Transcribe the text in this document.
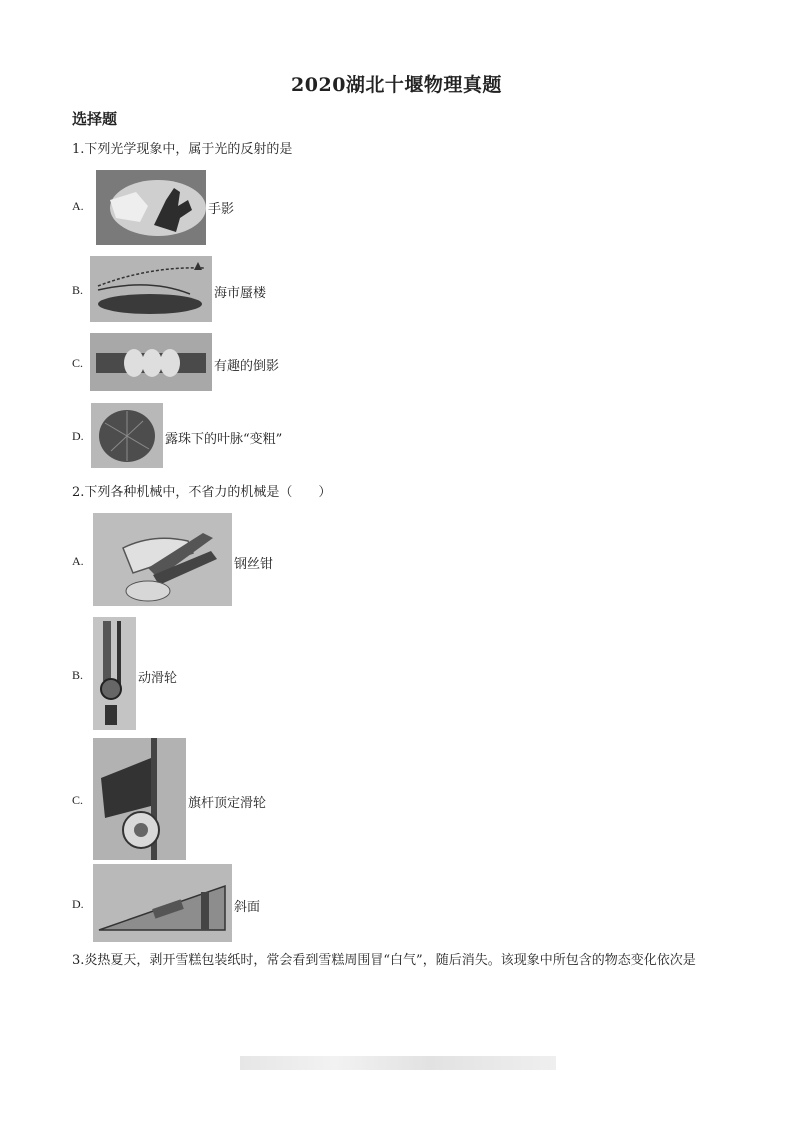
2020湖北十堰物理真题
选择题
1.下列光学现象中，属于光的反射的是
A.	手影
B.	海市蜃楼
C.	有趣的倒影
D.	露珠下的叶脉“变粗”
2.下列各种机械中，不省力的机械是（　　）
A.	钢丝钳
B.	动滑轮
C.	旗杆顶定滑轮
D.	斜面
3.炎热夏天，剥开雪糕包装纸时，常会看到雪糕周围冒“白气”，随后消失。该现象中所包含的物态变化依次是
